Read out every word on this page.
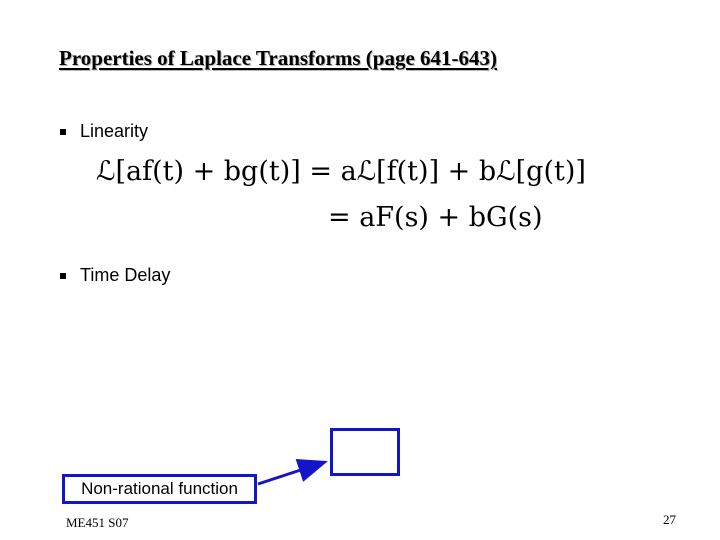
Properties of Laplace Transforms (page 641-643)
Linearity
ℒ[af(t) + bg(t)] = aℒ[f(t)] + bℒ[g(t)]
= aF(s) + bG(s)
Time Delay
Non-rational function
ME451 S07	27
